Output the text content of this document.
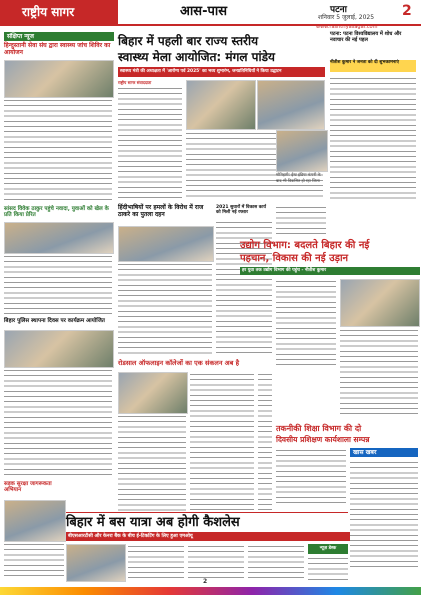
राष्ट्रीय सागर	आस-पास	पटना
शनिवार 5 जुलाई, 2025 2
www.rashtriyasagar.com
संक्षिप्त न्यूज
हिन्दुस्तानी सेवा संघ द्वारा स्वास्थ्य जांच शिविर का आयोजन
सांसद विवेक ठाकुर पहुंचे नवादा, युवाओं को खेल के प्रति किया प्रेरित
बिहार पुलिस स्थापना दिवस पर कार्यक्रम आयोजित
सड़क सुरक्षा जागरूकता अभियान
बिहार में पहली बार राज्य स्तरीय
स्वास्थ्य मेला आयोजित: मंगल पांडेय
स्वास्थ्य मंत्री की अध्यक्षता में 'आरोग्य पर्व 2025' का भव्य शुभारंभ, जनप्रतिनिधियों ने किया उद्घाटन
राष्ट्रीय सागर संवाददाता
हिंदीभाषियों पर हमलों के विरोध में राज ठाकरे का पुतला दहन
2021 सुधारों में विकास कार्य को मिली नई रफ्तार
रोडसाल ऑफलाइन कॉलेजों का एक संकलन अब है
पटना: पटना विश्वविद्यालय में शोध और नवाचार की नई पहल
नीतीश कुमार ने जनता को दी शुभकामनाएं
मोतिहारी: ईस्ट इंडिया कंपनी के बाद भी विकसित हो रहा जिला
उद्योग विभाग: बदलते बिहार की नई
पहचान, विकास की नई उड़ान
हर युवा तक उद्योग विभाग की पहुंच - नीतीश कुमार
तकनीकी शिक्षा विभाग की दो
दिवसीय प्रशिक्षण कार्यशाला सम्पन्न
खास खबर
बिहार में बस यात्रा अब होगी कैशलेस
बीएसआरटीसी और केनरा बैंक के बीच ई-टिकटिंग के लिए हुआ एमओयू
न्यूज़ डेस्क
2
